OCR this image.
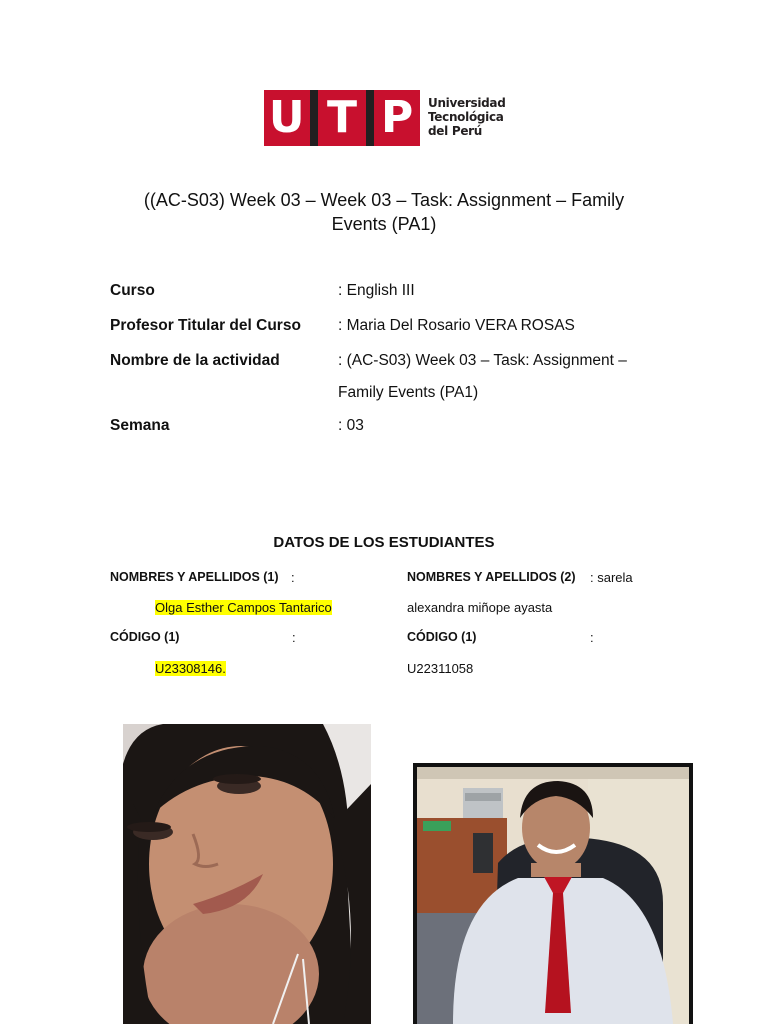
U T P	Universidad
Tecnológica
del Perú
((AC-S03) Week 03 – Week 03 – Task: Assignment – Family
Events (PA1)
Curso	: English III
Profesor Titular del Curso : Maria Del Rosario VERA ROSAS
Nombre de la actividad	: (AC-S03) Week 03 – Task: Assignment –
Family Events (PA1)
Semana	: 03
DATOS DE LOS ESTUDIANTES
NOMBRES Y APELLIDOS (1) :	NOMBRES Y APELLIDOS (2) : sarela
Olga Esther Campos Tantarico	alexandra miñope ayasta
CÓDIGO (1)	:	CÓDIGO (1)	:
U23308146.	U22311058
